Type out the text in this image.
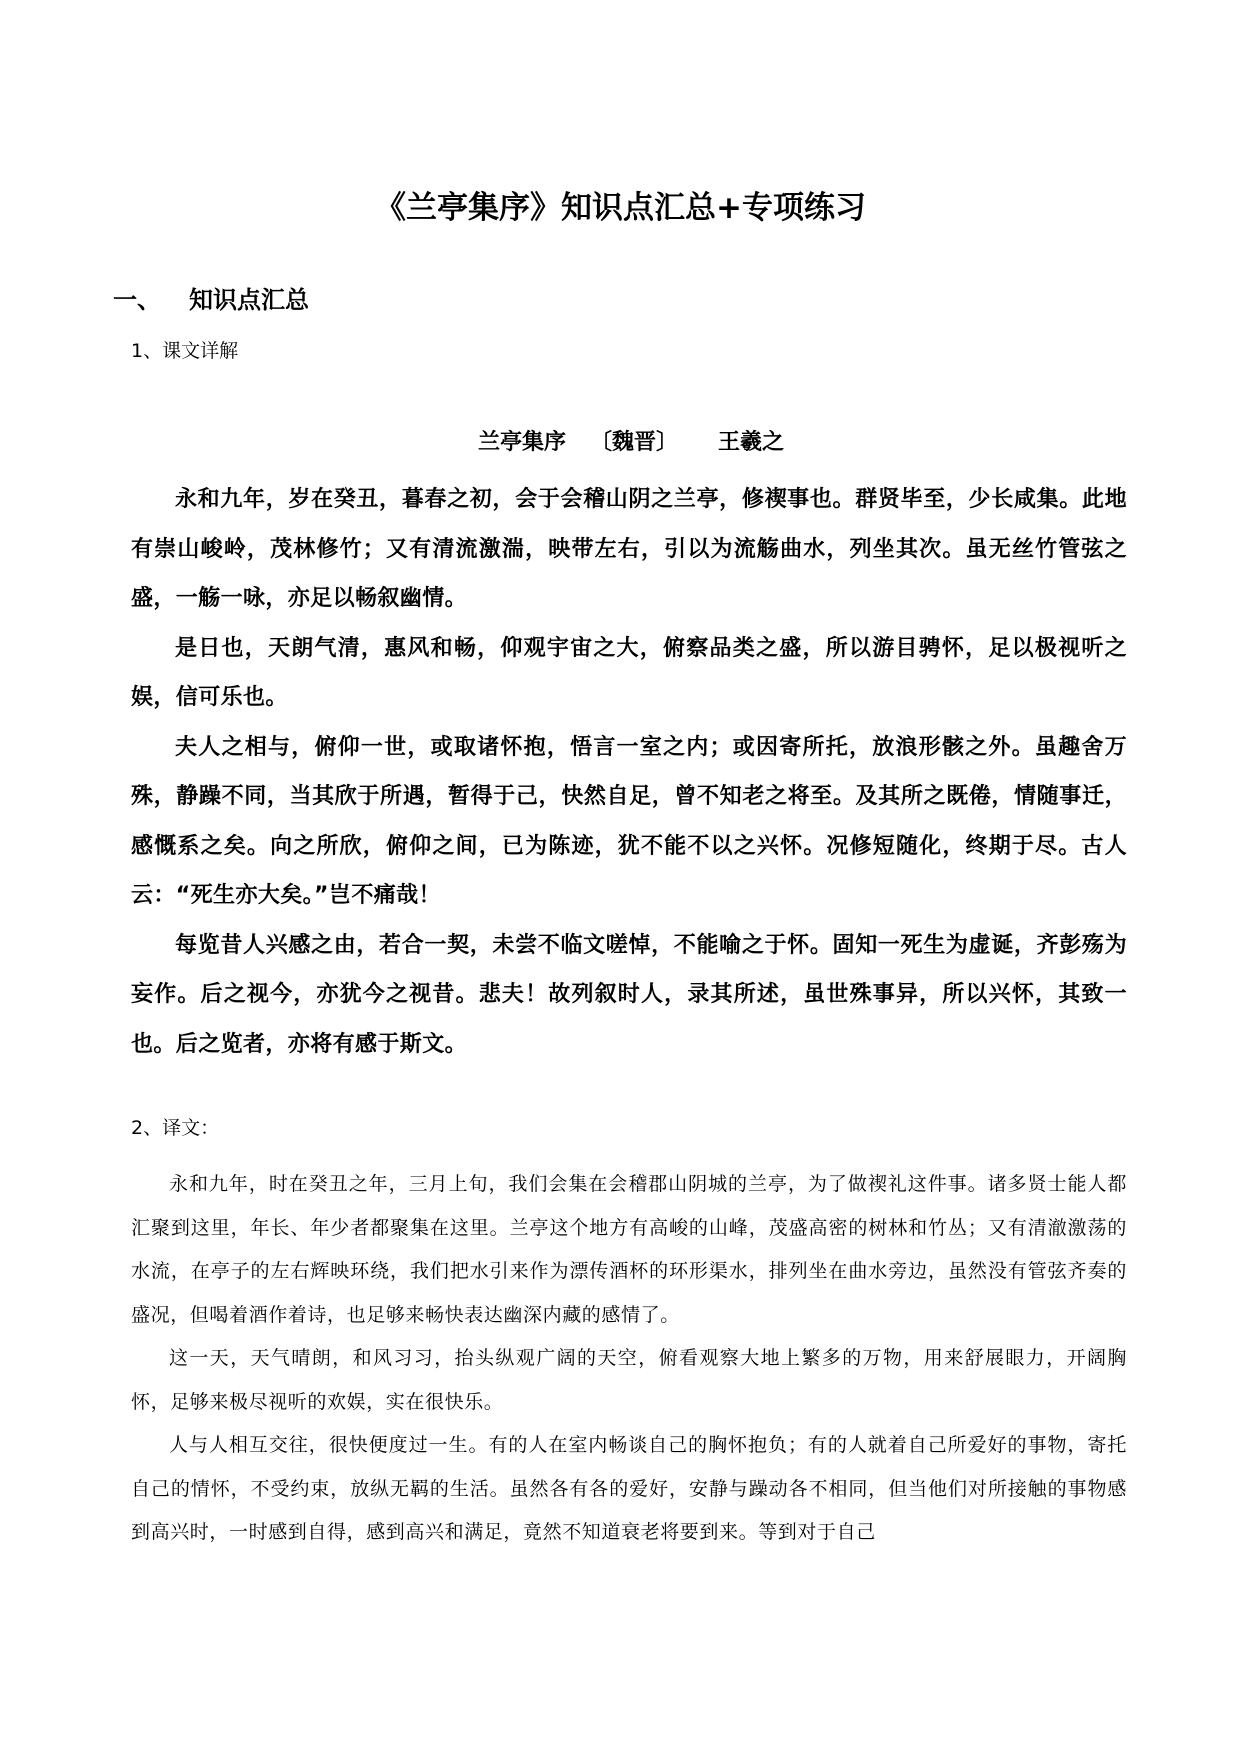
《兰亭集序》知识点汇总+专项练习
一、 知识点汇总
1、课文详解
兰亭集序 〔魏晋〕 王羲之

永和九年，岁在癸丑，暮春之初，会于会稽山阴之兰亭，修禊事也。群贤毕至，少长咸集。此地有崇山峻岭，茂林修竹；又有清流激湍，映带左右，引以为流觞曲水，列坐其次。虽无丝竹管弦之盛，一觞一咏，亦足以畅叙幽情。

是日也，天朗气清，惠风和畅，仰观宇宙之大，俯察品类之盛，所以游目骋怀，足以极视听之娱，信可乐也。

夫人之相与，俯仰一世，或取诸怀抱，悟言一室之内；或因寄所托，放浪形骸之外。虽趣舍万殊，静躁不同，当其欣于所遇，暂得于己，快然自足，曾不知老之将至。及其所之既倦，情随事迁，感慨系之矣。向之所欣，俯仰之间，已为陈迹，犹不能不以之兴怀。况修短随化，终期于尽。古人云：“死生亦大矣。”岂不痛哉！

每览昔人兴感之由，若合一契，未尝不临文嗟悼，不能喻之于怀。固知一死生为虚诞，齐彭殇为妄作。后之视今，亦犹今之视昔。悲夫！故列叙时人，录其所述，虽世殊事异，所以兴怀，其致一也。后之览者，亦将有感于斯文。

2、译文：

永和九年，时在癸丑之年，三月上旬，我们会集在会稽郡山阴城的兰亭，为了做禊礼这件事。诸多贤士能人都汇聚到这里，年长、年少者都聚集在这里。兰亭这个地方有高峻的山峰，茂盛高密的树林和竹丛；又有清澈激荡的水流，在亭子的左右辉映环绕，我们把水引来作为漂传酒杯的环形渠水，排列坐在曲水旁边，虽然没有管弦齐奏的盛况，但喝着酒作着诗，也足够来畅快表达幽深内藏的感情了。

这一天，天气晴朗，和风习习，抬头纵观广阔的天空，俯看观察大地上繁多的万物，用来舒展眼力，开阔胸怀，足够来极尽视听的欢娱，实在很快乐。

人与人相互交往，很快便度过一生。有的人在室内畅谈自己的胸怀抱负；有的人就着自己所爱好的事物，寄托自己的情怀，不受约束，放纵无羁的生活。虽然各有各的爱好，安静与躁动各不相同，但当他们对所接触的事物感到高兴时，一时感到自得，感到高兴和满足，竟然不知道衰老将要到来。等到对于自己
